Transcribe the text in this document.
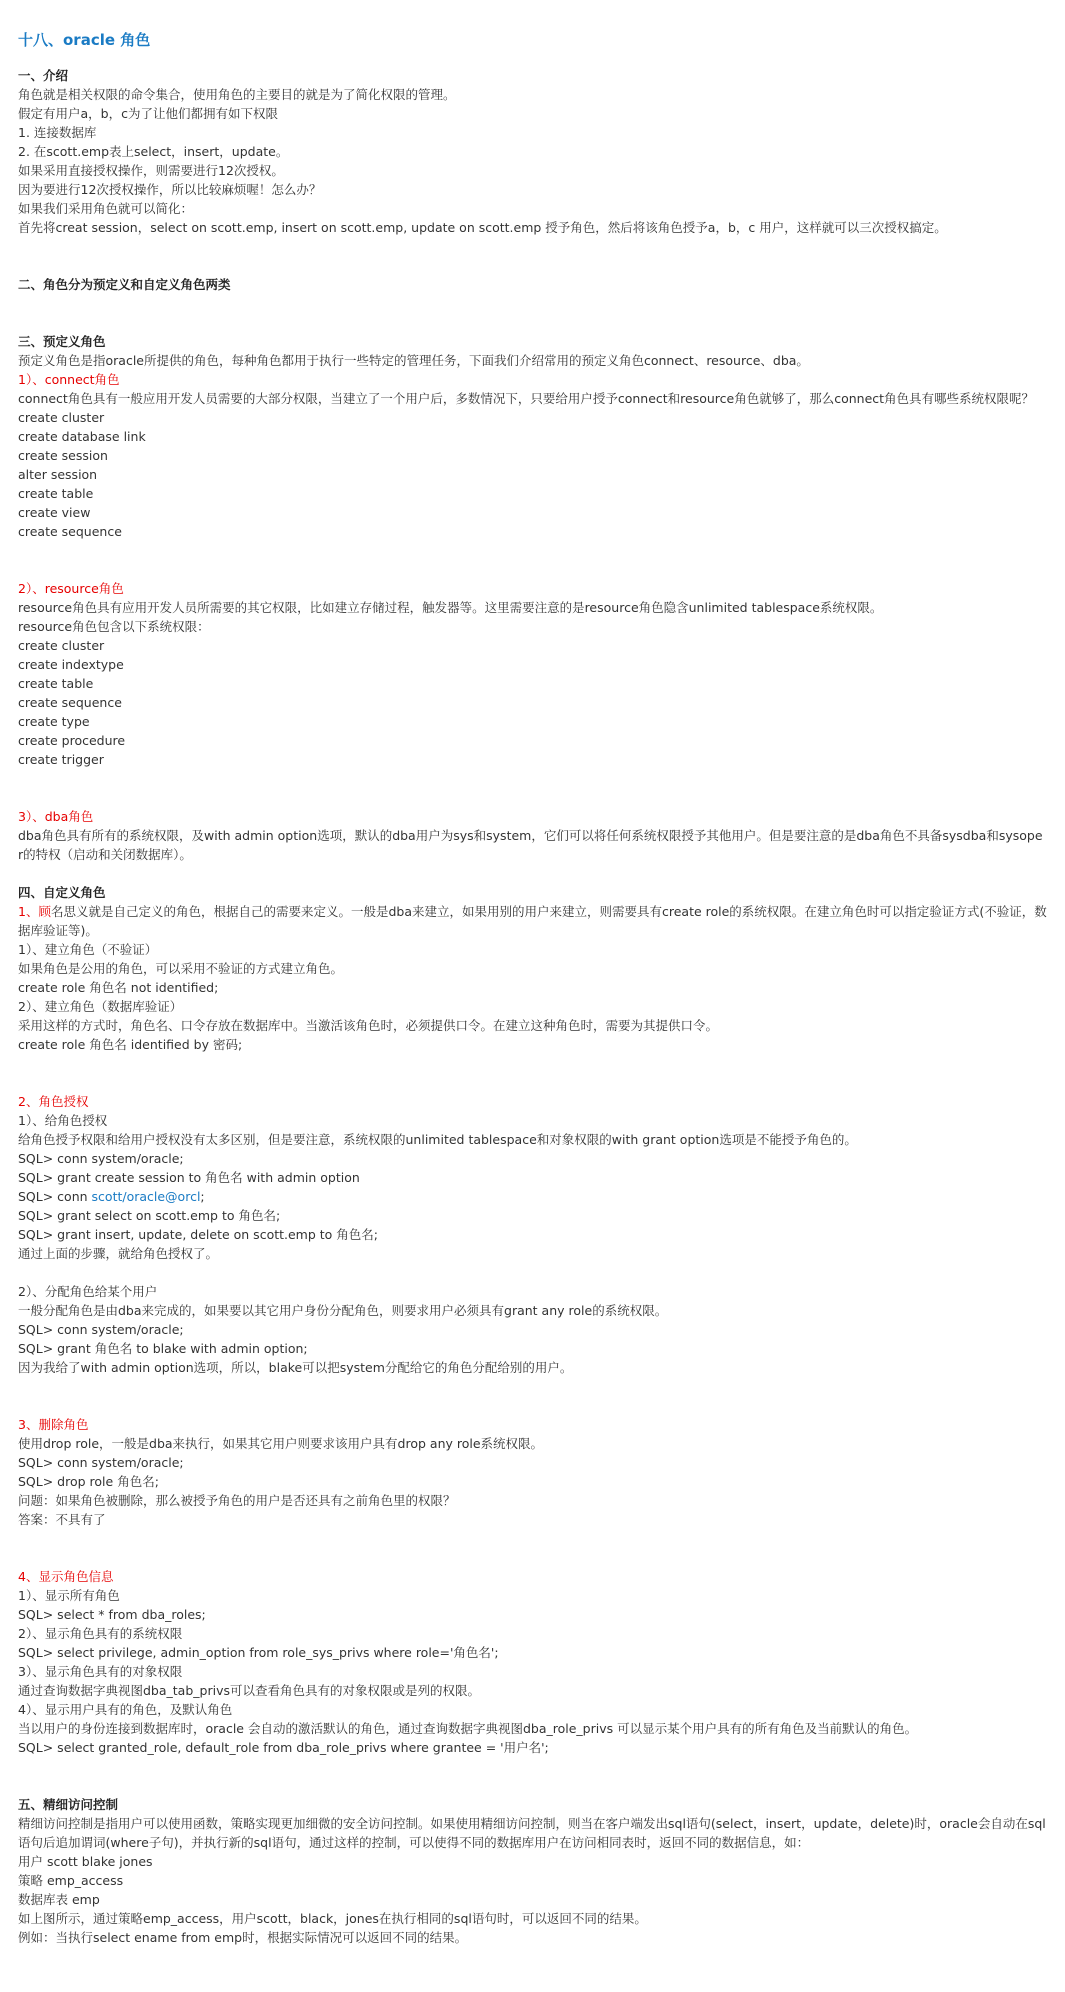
十八、oracle 角色
一、介绍
角色就是相关权限的命令集合，使用角色的主要目的就是为了简化权限的管理。
假定有用户a，b，c为了让他们都拥有如下权限
1. 连接数据库
2. 在scott.emp表上select，insert，update。
如果采用直接授权操作，则需要进行12次授权。
因为要进行12次授权操作，所以比较麻烦喔！怎么办？
如果我们采用角色就可以简化：
首先将creat session，select on scott.emp, insert on scott.emp, update on scott.emp 授予角色，然后将该角色授予a，b，c 用户，这样就可以三次授权搞定。
二、角色分为预定义和自定义角色两类
三、预定义角色
预定义角色是指oracle所提供的角色，每种角色都用于执行一些特定的管理任务，下面我们介绍常用的预定义角色connect、resource、dba。
1）、connect角色
connect角色具有一般应用开发人员需要的大部分权限，当建立了一个用户后，多数情况下，只要给用户授予connect和resource角色就够了，那么connect角色具有哪些系统权限呢？
create cluster
create database link
create session
alter session
create table
create view
create sequence
2）、resource角色
resource角色具有应用开发人员所需要的其它权限，比如建立存储过程，触发器等。这里需要注意的是resource角色隐含unlimited tablespace系统权限。
resource角色包含以下系统权限：
create cluster
create indextype
create table
create sequence
create type
create procedure
create trigger
3）、dba角色
dba角色具有所有的系统权限，及with admin option选项，默认的dba用户为sys和system，它们可以将任何系统权限授予其他用户。但是要注意的是dba角色不具备sysdba和sysoper的特权（启动和关闭数据库）。
四、自定义角色
1、顾名思义就是自己定义的角色，根据自己的需要来定义。一般是dba来建立，如果用别的用户来建立，则需要具有create role的系统权限。在建立角色时可以指定验证方式(不验证，数据库验证等)。
1）、建立角色（不验证）
如果角色是公用的角色，可以采用不验证的方式建立角色。
create role 角色名 not identified;
2）、建立角色（数据库验证）
采用这样的方式时，角色名、口令存放在数据库中。当激活该角色时，必须提供口令。在建立这种角色时，需要为其提供口令。
create role 角色名 identified by 密码;
2、角色授权
1）、给角色授权
给角色授予权限和给用户授权没有太多区别，但是要注意，系统权限的unlimited tablespace和对象权限的with grant option选项是不能授予角色的。
SQL> conn system/oracle;
SQL> grant create session to 角色名 with admin option
SQL> conn scott/oracle@orcl;
SQL> grant select on scott.emp to 角色名;
SQL> grant insert, update, delete on scott.emp to 角色名;
通过上面的步骤，就给角色授权了。
2）、分配角色给某个用户
一般分配角色是由dba来完成的，如果要以其它用户身份分配角色，则要求用户必须具有grant any role的系统权限。
SQL> conn system/oracle;
SQL> grant 角色名 to blake with admin option;
因为我给了with admin option选项，所以，blake可以把system分配给它的角色分配给别的用户。
3、删除角色
使用drop role，一般是dba来执行，如果其它用户则要求该用户具有drop any role系统权限。
SQL> conn system/oracle;
SQL> drop role 角色名;
问题：如果角色被删除，那么被授予角色的用户是否还具有之前角色里的权限？
答案：不具有了
4、显示角色信息
1）、显示所有角色
SQL> select * from dba_roles;
2）、显示角色具有的系统权限
SQL> select privilege, admin_option from role_sys_privs where role='角色名';
3）、显示角色具有的对象权限
通过查询数据字典视图dba_tab_privs可以查看角色具有的对象权限或是列的权限。
4）、显示用户具有的角色，及默认角色
当以用户的身份连接到数据库时，oracle 会自动的激活默认的角色，通过查询数据字典视图dba_role_privs 可以显示某个用户具有的所有角色及当前默认的角色。
SQL> select granted_role, default_role from dba_role_privs where grantee = '用户名';
五、精细访问控制
精细访问控制是指用户可以使用函数，策略实现更加细微的安全访问控制。如果使用精细访问控制，则当在客户端发出sql语句(select，insert，update，delete)时，oracle会自动在sql语句后追加谓词(where子句)，并执行新的sql语句，通过这样的控制，可以使得不同的数据库用户在访问相同表时，返回不同的数据信息，如：
用户 scott blake jones
策略 emp_access
数据库表 emp
如上图所示，通过策略emp_access，用户scott，black，jones在执行相同的sql语句时，可以返回不同的结果。
例如：当执行select ename from emp时，根据实际情况可以返回不同的结果。
